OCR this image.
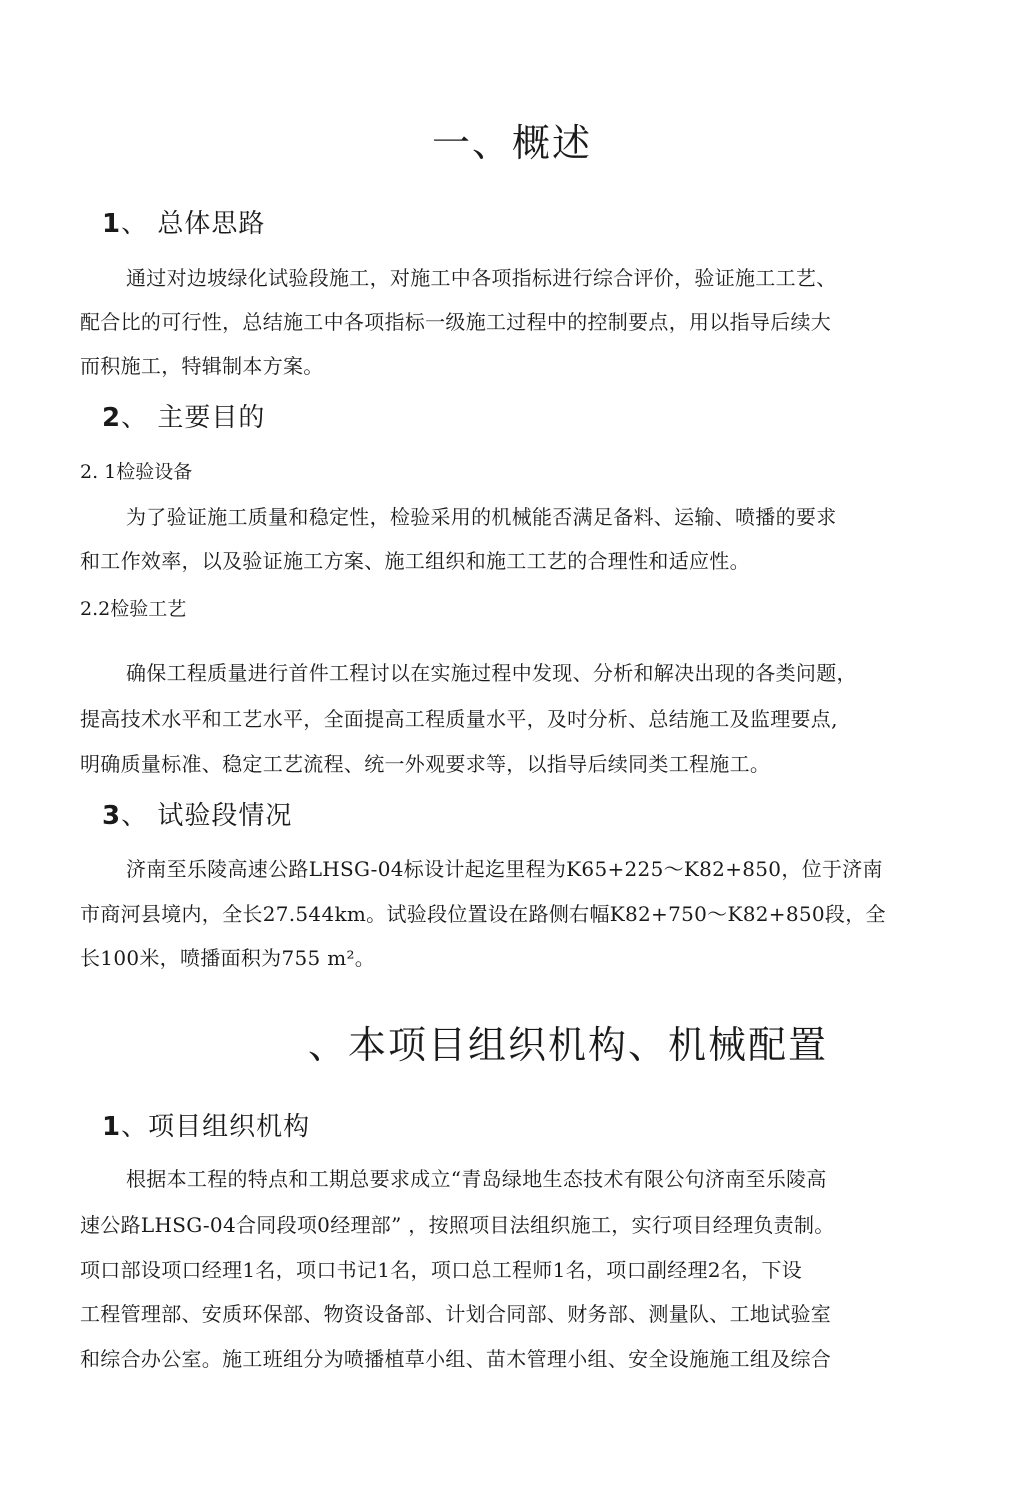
一、概述
1、 总体思路
通过对边坡绿化试验段施工，对施工中各项指标进行综合评价，验证施工工艺、
配合比的可行性，总结施工中各项指标一级施工过程中的控制要点，用以指导后续大
而积施工，特辑制本方案。
2、 主要目的
2. 1检验设备
为了验证施工质量和稳定性，检验采用的机械能否满足备料、运输、喷播的要求
和工作效率，以及验证施工方案、施工组织和施工工艺的合理性和适应性。
2.2检验工艺
确保工程质量进行首件工程讨以在实施过程中发现、分析和解决出现的各类问题，
提高技术水平和工艺水平，全面提高工程质量水平，及吋分析、总结施工及监理要点,
明确质量标准、稳定工艺流程、统一外观要求等，以指导后续同类工程施工。
3、 试验段情况
济南至乐陵高速公路LHSG-04标设计起迄里程为K65+225～K82+850，位于济南
市商河县境内，全长27.544km。试验段位置设在路侧右幅K82+750～K82+850段，全
长100米，喷播面积为755 m²。
、本项目组织机构、机械配置
1、项目组织机构
根据本工程的特点和工期总要求成立“青岛绿地生态技术有限公句济南至乐陵高
速公路LHSG-04合同段项0经理部” ，按照项目法组织施工，实行项目经理负责制。
项口部设项口经理1名，项口书记1名，项口总工程师1名，项口副经理2名，下设
工程管理部、安质环保部、物资设备部、计划合同部、财务部、测量队、工地试验室
和综合办公室。施工班组分为喷播植草小组、苗木管理小组、安全设施施工组及综合
